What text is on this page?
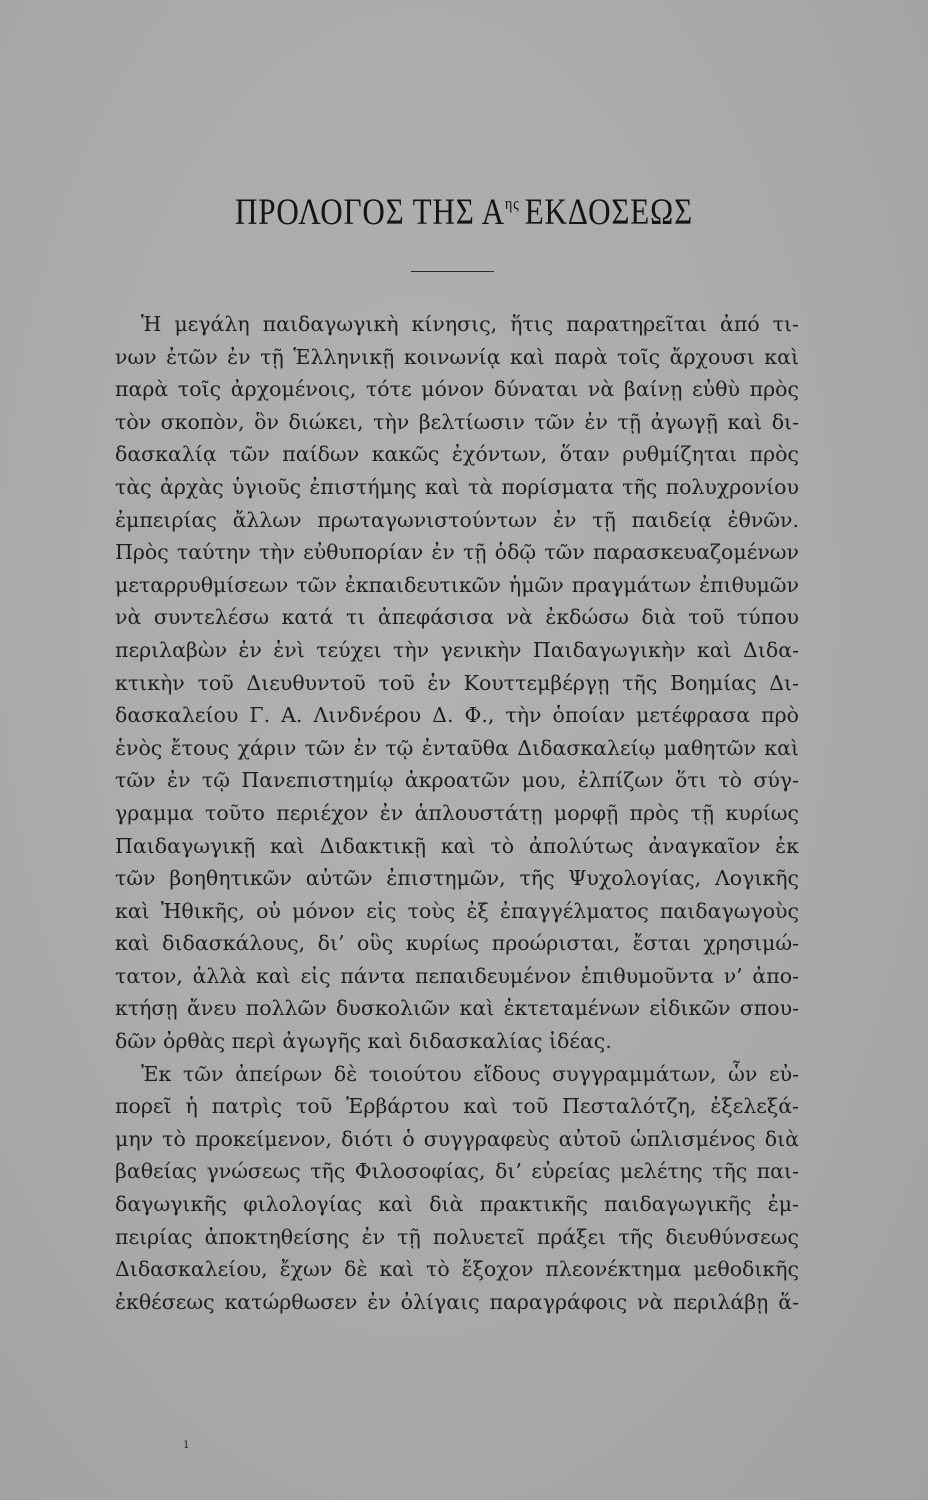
ΠΡΟΛΟΓΟΣ ΤΗΣ $A^{\eta\varsigma}$ ΕΚΔΟΣΕΩΣ
Ἡ μεγάλη παιδαγωγικὴ κίνησις, ἥτις παρατηρεῖται ἀπό τι-
νων ἐτῶν ἐν τῇ Ἑλληνικῇ κοινωνίᾳ καὶ παρὰ τοῖς ἄρχουσι καὶ
παρὰ τοῖς ἀρχομένοις, τότε μόνον δύναται νὰ βαίνῃ εὐθὺ πρὸς
τὸν σκοπὸν, ὃν διώκει, τὴν βελτίωσιν τῶν ἐν τῇ ἀγωγῇ καὶ δι-
δασκαλίᾳ τῶν παίδων κακῶς ἐχόντων, ὅταν ρυθμίζηται πρὸς
τὰς ἀρχὰς ὑγιοῦς ἐπιστήμης καὶ τὰ πορίσματα τῆς πολυχρονίου
ἐμπειρίας ἄλλων πρωταγωνιστούντων ἐν τῇ παιδείᾳ ἐθνῶν.
Πρὸς ταύτην τὴν εὐθυπορίαν ἐν τῇ ὁδῷ τῶν παρασκευαζομένων
μεταρρυθμίσεων τῶν ἐκπαιδευτικῶν ἡμῶν πραγμάτων ἐπιθυμῶν
νὰ συντελέσω κατά τι ἀπεφάσισα νὰ ἐκδώσω διὰ τοῦ τύπου
περιλαβὼν ἐν ἑνὶ τεύχει τὴν γενικὴν Παιδαγωγικὴν καὶ Διδα-
κτικὴν τοῦ Διευθυντοῦ τοῦ ἐν Κουττεμβέργῃ τῆς Βοημίας Δι-
δασκαλείου Γ. Α. Λινδνέρου Δ. Φ., τὴν ὁποίαν μετέφρασα πρὸ
ἑνὸς ἔτους χάριν τῶν ἐν τῷ ἐνταῦθα Διδασκαλείῳ μαθητῶν καὶ
τῶν ἐν τῷ Πανεπιστημίῳ ἀκροατῶν μου, ἐλπίζων ὅτι τὸ σύγ-
γραμμα τοῦτο περιέχον ἐν ἁπλουστάτῃ μορφῇ πρὸς τῇ κυρίως
Παιδαγωγικῇ καὶ Διδακτικῇ καὶ τὸ ἀπολύτως ἀναγκαῖον ἐκ
τῶν βοηθητικῶν αὐτῶν ἐπιστημῶν, τῆς Ψυχολογίας, Λογικῆς
καὶ Ἠθικῆς, οὐ μόνον εἰς τοὺς ἐξ ἐπαγγέλματος παιδαγωγοὺς
καὶ διδασκάλους, δι’ οὓς κυρίως προώρισται, ἔσται χρησιμώ-
τατον, ἀλλὰ καὶ εἰς πάντα πεπαιδευμένον ἐπιθυμοῦντα ν’ ἀπο-
κτήσῃ ἄνευ πολλῶν δυσκολιῶν καὶ ἐκτεταμένων εἰδικῶν σπου-
δῶν ὀρθὰς περὶ ἀγωγῆς καὶ διδασκαλίας ἰδέας.
Ἐκ τῶν ἀπείρων δὲ τοιούτου εἴδους συγγραμμάτων, ὧν εὐ-
πορεῖ ἡ πατρὶς τοῦ Ἑρβάρτου καὶ τοῦ Πεσταλότζη, ἐξελεξά-
μην τὸ προκείμενον, διότι ὁ συγγραφεὺς αὐτοῦ ὡπλισμένος διὰ
βαθείας γνώσεως τῆς Φιλοσοφίας, δι’ εὐρείας μελέτης τῆς παι-
δαγωγικῆς φιλολογίας καὶ διὰ πρακτικῆς παιδαγωγικῆς ἐμ-
πειρίας ἀποκτηθείσης ἐν τῇ πολυετεῖ πράξει τῆς διευθύνσεως
Διδασκαλείου, ἔχων δὲ καὶ τὸ ἔξοχον πλεονέκτημα μεθοδικῆς
ἐκθέσεως κατώρθωσεν ἐν ὀλίγαις παραγράφοις νὰ περιλάβῃ ἅ-
ı
